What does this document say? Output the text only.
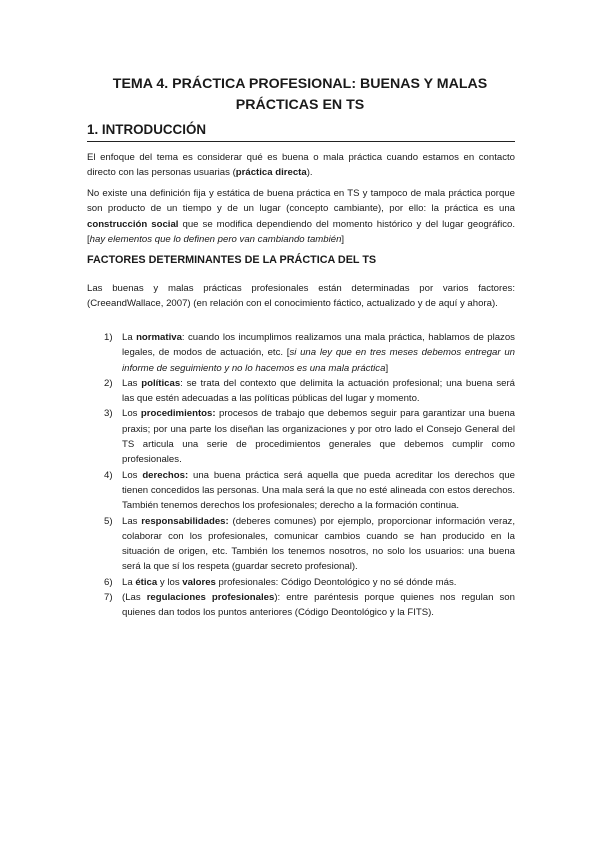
TEMA 4. PRÁCTICA PROFESIONAL: BUENAS Y MALAS
PRÁCTICAS EN TS
1. INTRODUCCIÓN

El enfoque del tema es considerar qué es buena o mala práctica cuando estamos en contacto directo con las personas usuarias (práctica directa).

No existe una definición fija y estática de buena práctica en TS y tampoco de mala práctica porque son producto de un tiempo y de un lugar (concepto cambiante), por ello: la práctica es una construcción social que se modifica dependiendo del momento histórico y del lugar geográfico. [hay elementos que lo definen pero van cambiando también]

FACTORES DETERMINANTES DE LA PRÁCTICA DEL TS

Las buenas y malas prácticas profesionales están determinadas por varios factores: (CreeandWallace, 2007) (en relación con el conocimiento fáctico, actualizado y de aquí y ahora).

1) La normativa: cuando los incumplimos realizamos una mala práctica, hablamos de plazos legales, de modos de actuación, etc. [si una ley que en tres meses debemos entregar un informe de seguimiento y no lo hacemos es una mala práctica]

2) Las políticas: se trata del contexto que delimita la actuación profesional; una buena será las que estén adecuadas a las políticas públicas del lugar y momento.

3) Los procedimientos: procesos de trabajo que debemos seguir para garantizar una buena praxis; por una parte los diseñan las organizaciones y por otro lado el Consejo General del TS articula una serie de procedimientos generales que debemos cumplir como profesionales.

4) Los derechos: una buena práctica será aquella que pueda acreditar los derechos que tienen concedidos las personas. Una mala será la que no esté alineada con estos derechos. También tenemos derechos los profesionales; derecho a la formación continua.

5) Las responsabilidades: (deberes comunes) por ejemplo, proporcionar información veraz, colaborar con los profesionales, comunicar cambios cuando se han producido en la situación de origen, etc. También los tenemos nosotros, no solo los usuarios: una buena será la que sí los respeta (guardar secreto profesional).

6) La ética y los valores profesionales: Código Deontológico y no sé dónde más.

7) (Las regulaciones profesionales): entre paréntesis porque quienes nos regulan son quienes dan todos los puntos anteriores (Código Deontológico y la FITS).
